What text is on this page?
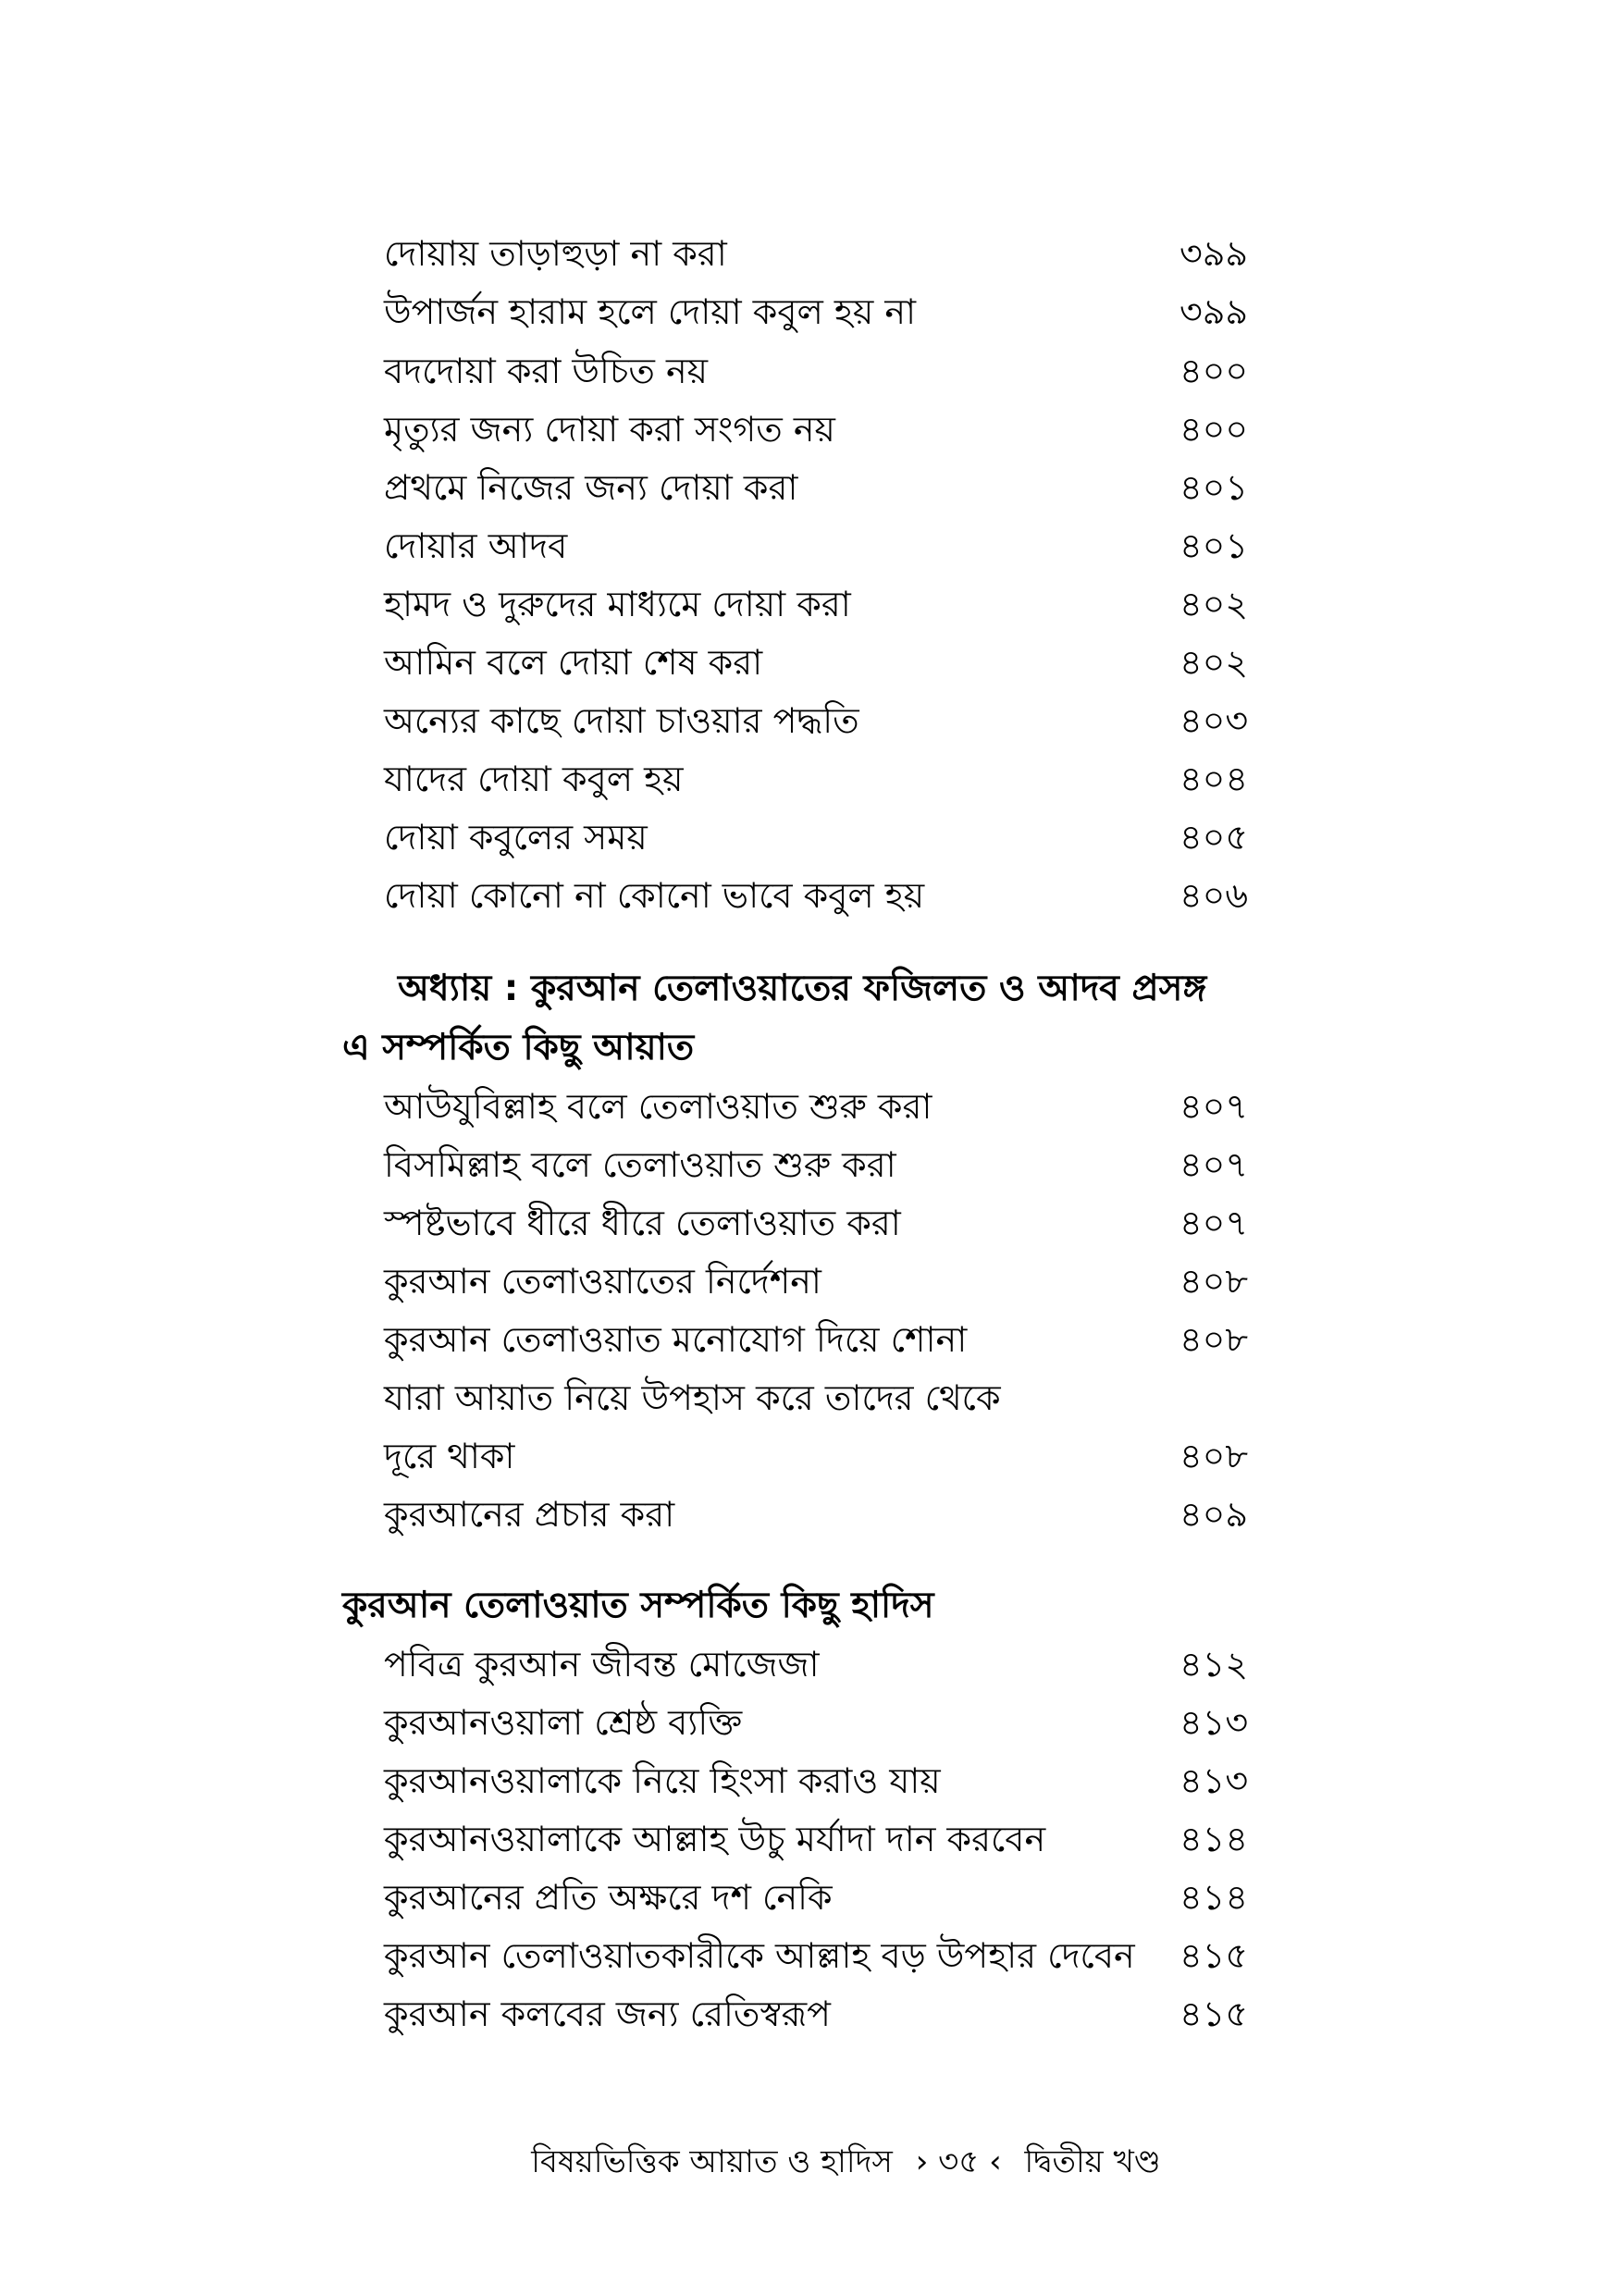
দোয়ায় তাড়াহুড়া না করা	৩৯৯
উপার্জন হারাম হলে দোয়া কবুল হয় না	৩৯৯
বদদোয়া করা উচিত নয়	৪০০
মৃত্যুর জন্য দোয়া করা সংগত নয়	৪০০
প্রথমে নিজের জন্য দোয়া করা	৪০১
দোয়ার আদব	৪০১
হামদ ও দুরুদের মাধ্যমে দোয়া করা	৪০২
আমিন বলে দোয়া শেষ করা	৪০২
অন্যের কাছে দোয়া চাওয়ার পদ্ধতি	৪০৩
যাদের দোয়া কবুল হয়	৪০৪
দোয়া কবুলের সময়	৪০৫
দোয়া কোনো না কোনো ভাবে কবুল হয়	৪০৬
অধ্যায় : কুরআন তেলাওয়াতের ফজিলত ও আদব প্রসঙ্গ
এ সম্পর্কিত কিছু আয়াত
আউযুবিল্লাহ বলে তেলাওয়াত শুরু করা	৪০৭
বিসমিল্লাহ বলে তেলাওয়াত শুরু করা	৪০৭
স্পষ্টভাবে ধীরে ধীরে তেলাওয়াত করা	৪০৭
কুরআন তেলাওয়াতের নির্দেশনা	৪০৮
কুরআন তেলাওয়াত মনোযোগ দিয়ে শোনা	৪০৮
যারা আয়াত নিয়ে উপহাস করে তাদের থেকে
দূরে থাকা	৪০৮
কুরআনের প্রচার করা	৪০৯
কুরআন তেলাওয়াত সম্পর্কিত কিছু হাদিস
পবিত্র কুরআন জীবন্ত মোজেজা	৪১২
কুরআনওয়ালা শ্রেষ্ঠ ব্যক্তি	৪১৩
কুরআনওয়ালাকে নিয়ে হিংসা করাও যায়	৪১৩
কুরআনওয়ালাকে আল্লাহ উচু মর্যাদা দান করবেন	৪১৪
কুরআনের প্রতি অক্ষরে দশ নেকি	৪১৪
কুরআন তেলাওয়াতকারীকে আল্লাহ বড় উপহার দেবেন ৪১৫
কুরআন কলবের জন্য রেতিস্বরূপ	৪১৫
বিষয়ভিত্তিক আয়াত ও হাদিস › ৩৫ ‹ দ্বিতীয় খণ্ড
